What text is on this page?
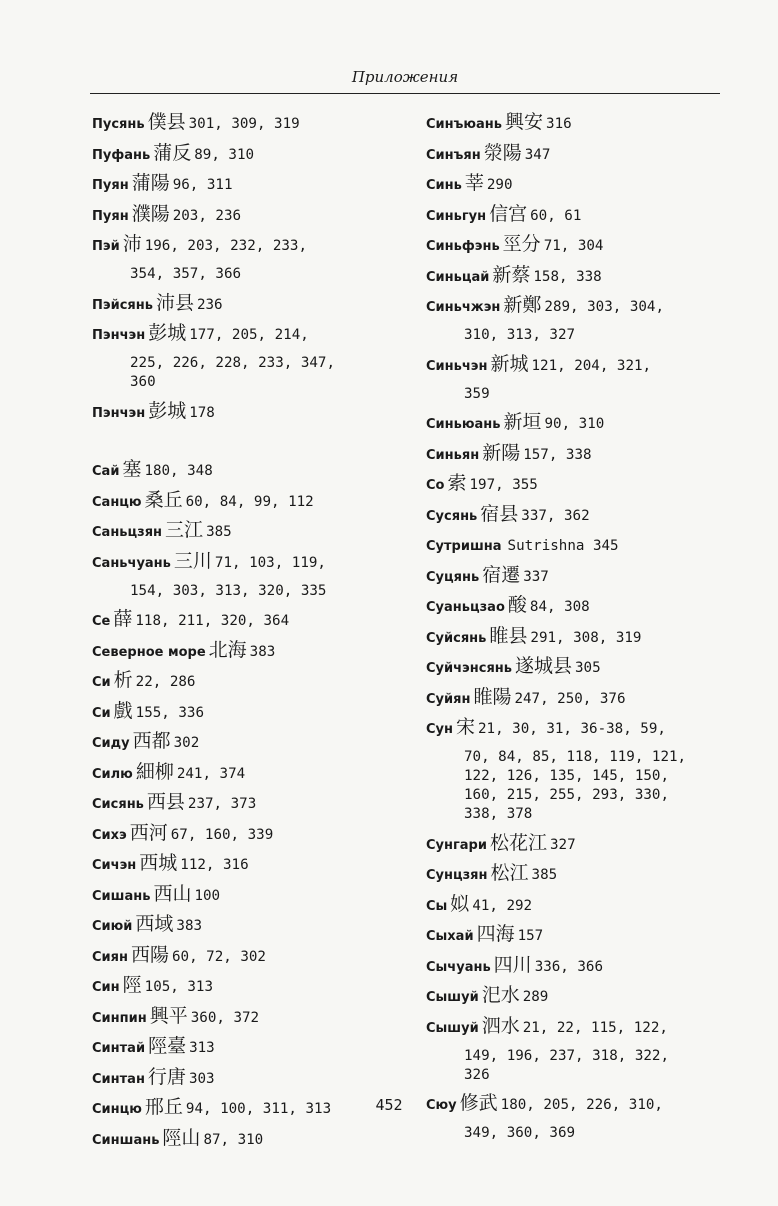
Приложения
Пусянь 僕县 301, 309, 319
Пуфань 蒲反 89, 310
Пуян 蒲陽 96, 311
Пуян 濮陽 203, 236
Пэй 沛 196, 203, 232, 233,
354, 357, 366
Пэйсянь 沛县 236
Пэнчэн 彭城 177, 205, 214,
225, 226, 228, 233, 347,
360
Пэнчэн 彭城 178
Сай 塞 180, 348
Санцю 桑丘 60, 84, 99, 112
Саньцзян 三江 385
Саньчуань 三川 71, 103, 119,
154, 303, 313, 320, 335
Се 薛 118, 211, 320, 364
Северное море 北海 383
Си 析 22, 286
Си 戲 155, 336
Сиду 西都 302
Силю 細柳 241, 374
Сисянь 西县 237, 373
Сихэ 西河 67, 160, 339
Сичэн 西城 112, 316
Сишань 西山 100
Сиюй 西域 383
Сиян 西陽 60, 72, 302
Син 陘 105, 313
Синпин 興平 360, 372
Синтай 陘臺 313
Синтан 行唐 303
Синцю 邢丘 94, 100, 311, 313
Синшань 陘山 87, 310
Синъюань 興安 316
Синъян 滎陽 347
Синь 莘 290
Синьгун 信宫 60, 61
Синьфэнь 巠分 71, 304
Синьцай 新蔡 158, 338
Синьчжэн 新鄭 289, 303, 304,
310, 313, 327
Синьчэн 新城 121, 204, 321,
359
Синьюань 新垣 90, 310
Синьян 新陽 157, 338
Со 索 197, 355
Сусянь 宿县 337, 362
Сутришна Sutrishna 345
Суцянь 宿遷 337
Суаньцзао 酸 84, 308
Суйсянь 睢县 291, 308, 319
Суйчэнсянь 遂城县 305
Суйян 睢陽 247, 250, 376
Сун 宋 21, 30, 31, 36-38, 59,
70, 84, 85, 118, 119, 121,
122, 126, 135, 145, 150,
160, 215, 255, 293, 330,
338, 378
Сунгари 松花江 327
Сунцзян 松江 385
Сы 姒 41, 292
Сыхай 四海 157
Сычуань 四川 336, 366
Сышуй 汜水 289
Сышуй 泗水 21, 22, 115, 122,
149, 196, 237, 318, 322,
326
Сюу 修武 180, 205, 226, 310,
349, 360, 369
452
